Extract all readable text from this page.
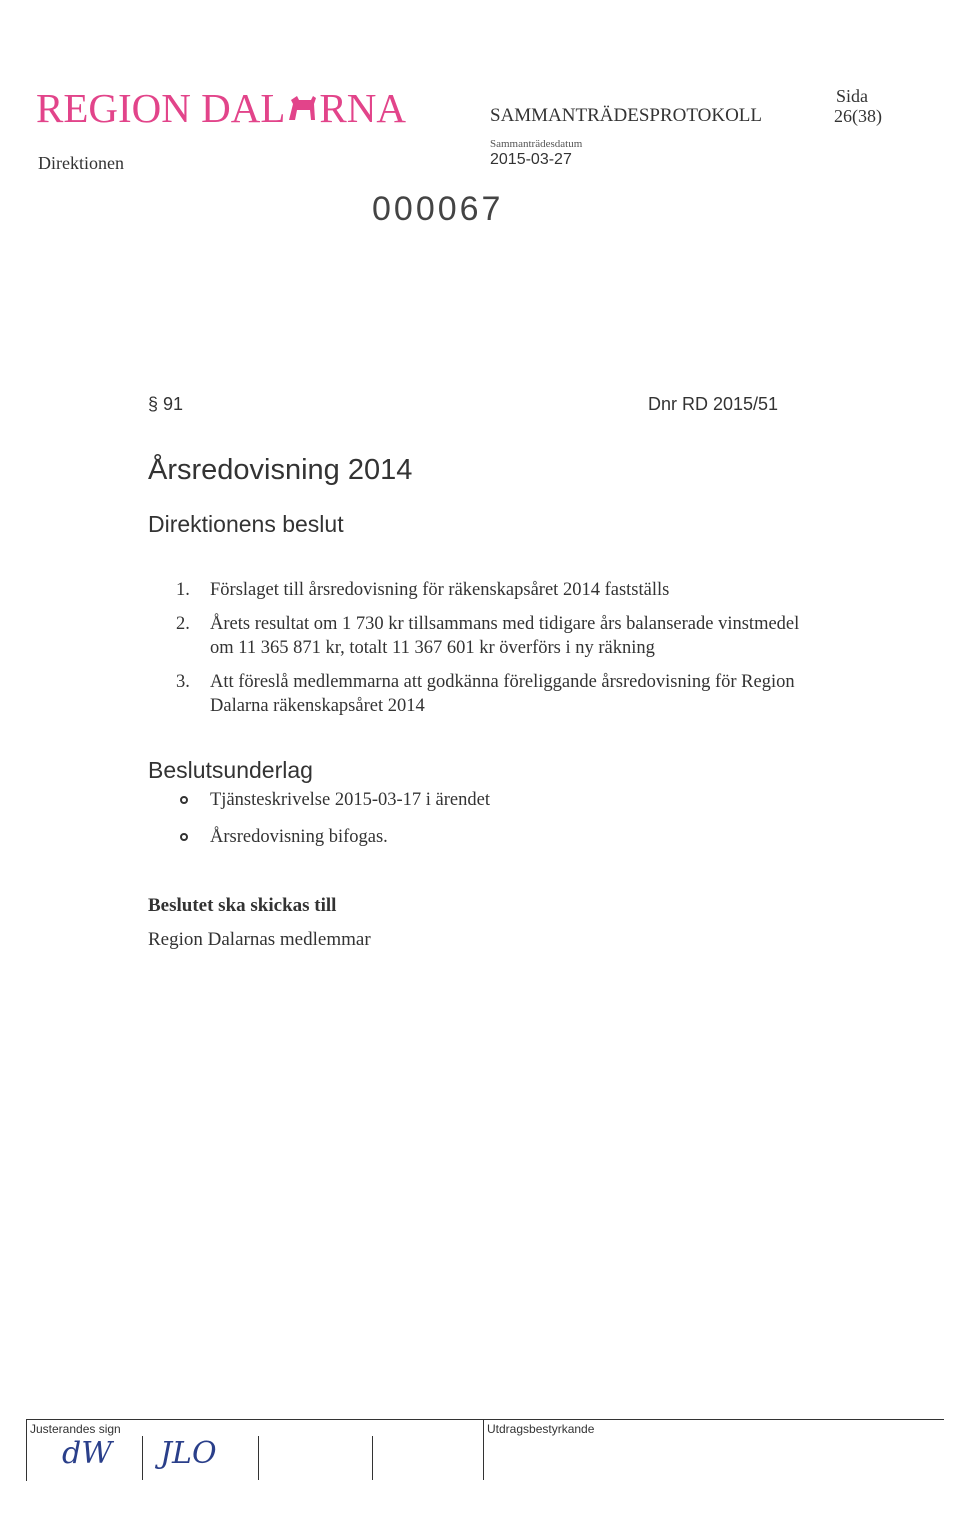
REGION DAL RNA
Direktionen
SAMMANTRÄDESPROTOKOLL
Sammanträdesdatum
2015-03-27
Sida
26(38)
000067
§ 91	Dnr RD 2015/51
Årsredovisning 2014
Direktionens beslut
1. Förslaget till årsredovisning för räkenskapsåret 2014 fastställs
2. Årets resultat om 1 730 kr tillsammans med tidigare års balanserade vinstmedel om 11 365 871 kr, totalt 11 367 601 kr överförs i ny räkning
3. Att föreslå medlemmarna att godkänna föreliggande årsredovisning för Region Dalarna räkenskapsåret 2014
Beslutsunderlag
Tjänsteskrivelse 2015-03-17 i ärendet
Årsredovisning bifogas.
Beslutet ska skickas till
Region Dalarnas medlemmar
Justerandes sign	Utdragsbestyrkande
dW JLO
